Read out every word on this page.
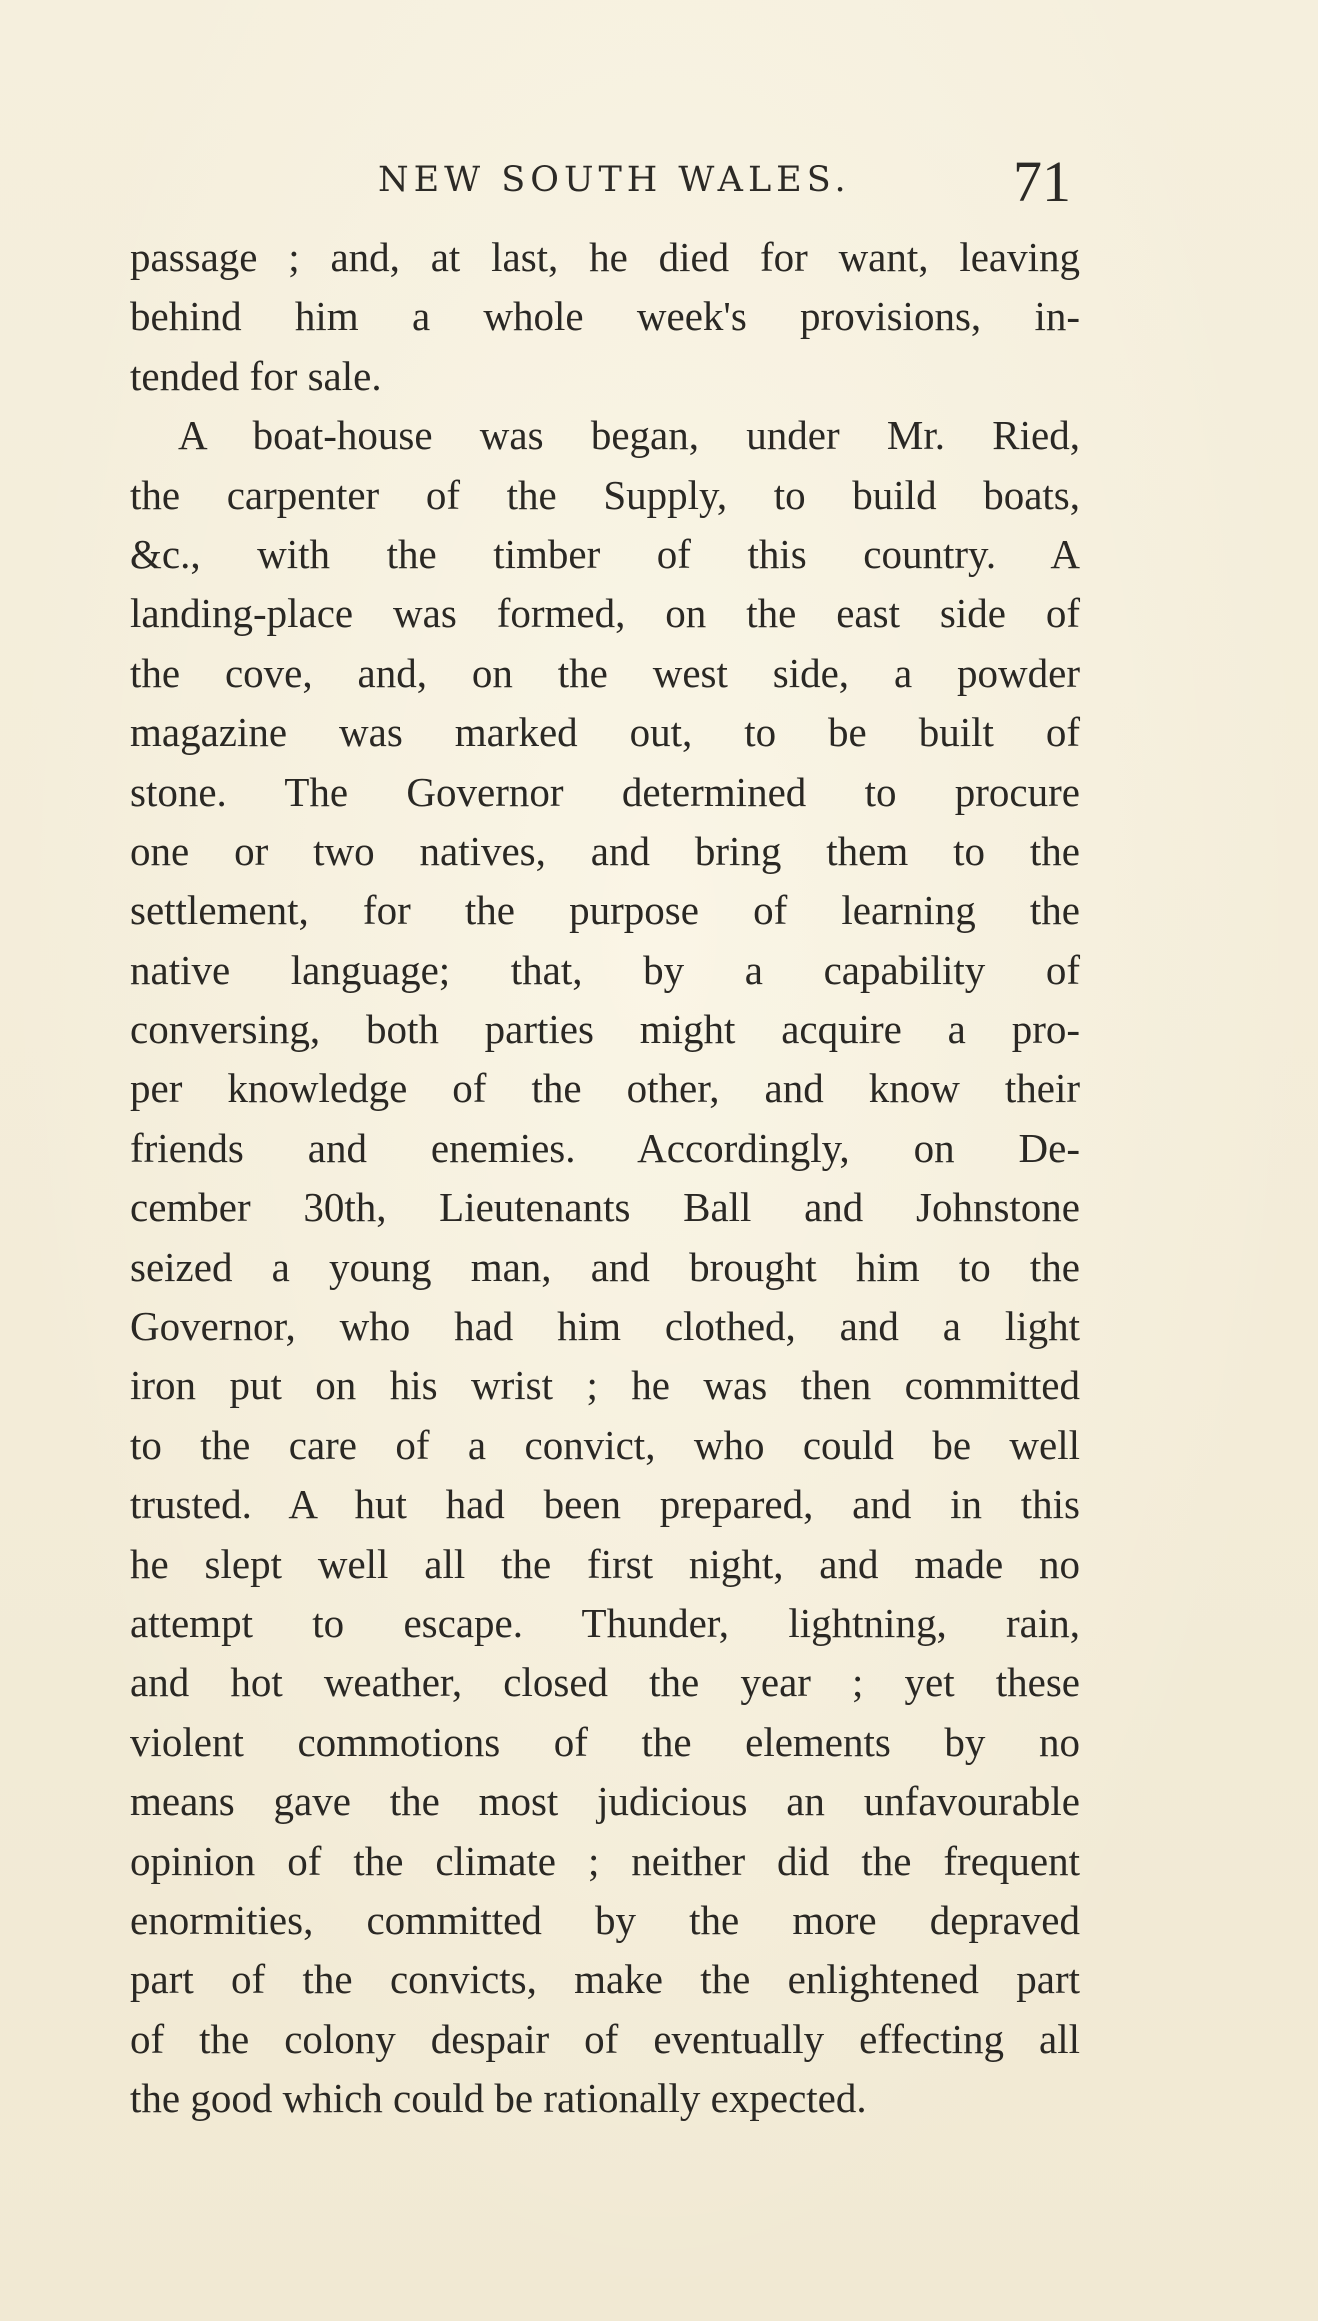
NEW SOUTH WALES.	71
passage ; and, at last, he died for want, leaving
behind him a whole week's provisions, in-
tended for sale.
A boat-house was began, under Mr. Ried,
the carpenter of the Supply, to build boats,
&c., with the timber of this country. A
landing-place was formed, on the east side of
the cove, and, on the west side, a powder
magazine was marked out, to be built of
stone. The Governor determined to procure
one or two natives, and bring them to the
settlement, for the purpose of learning the
native language; that, by a capability of
conversing, both parties might acquire a pro-
per knowledge of the other, and know their
friends and enemies. Accordingly, on De-
cember 30th, Lieutenants Ball and Johnstone
seized a young man, and brought him to the
Governor, who had him clothed, and a light
iron put on his wrist ; he was then committed
to the care of a convict, who could be well
trusted. A hut had been prepared, and in this
he slept well all the first night, and made no
attempt to escape. Thunder, lightning, rain,
and hot weather, closed the year ; yet these
violent commotions of the elements by no
means gave the most judicious an unfavourable
opinion of the climate ; neither did the frequent
enormities, committed by the more depraved
part of the convicts, make the enlightened part
of the colony despair of eventually effecting all
the good which could be rationally expected.
